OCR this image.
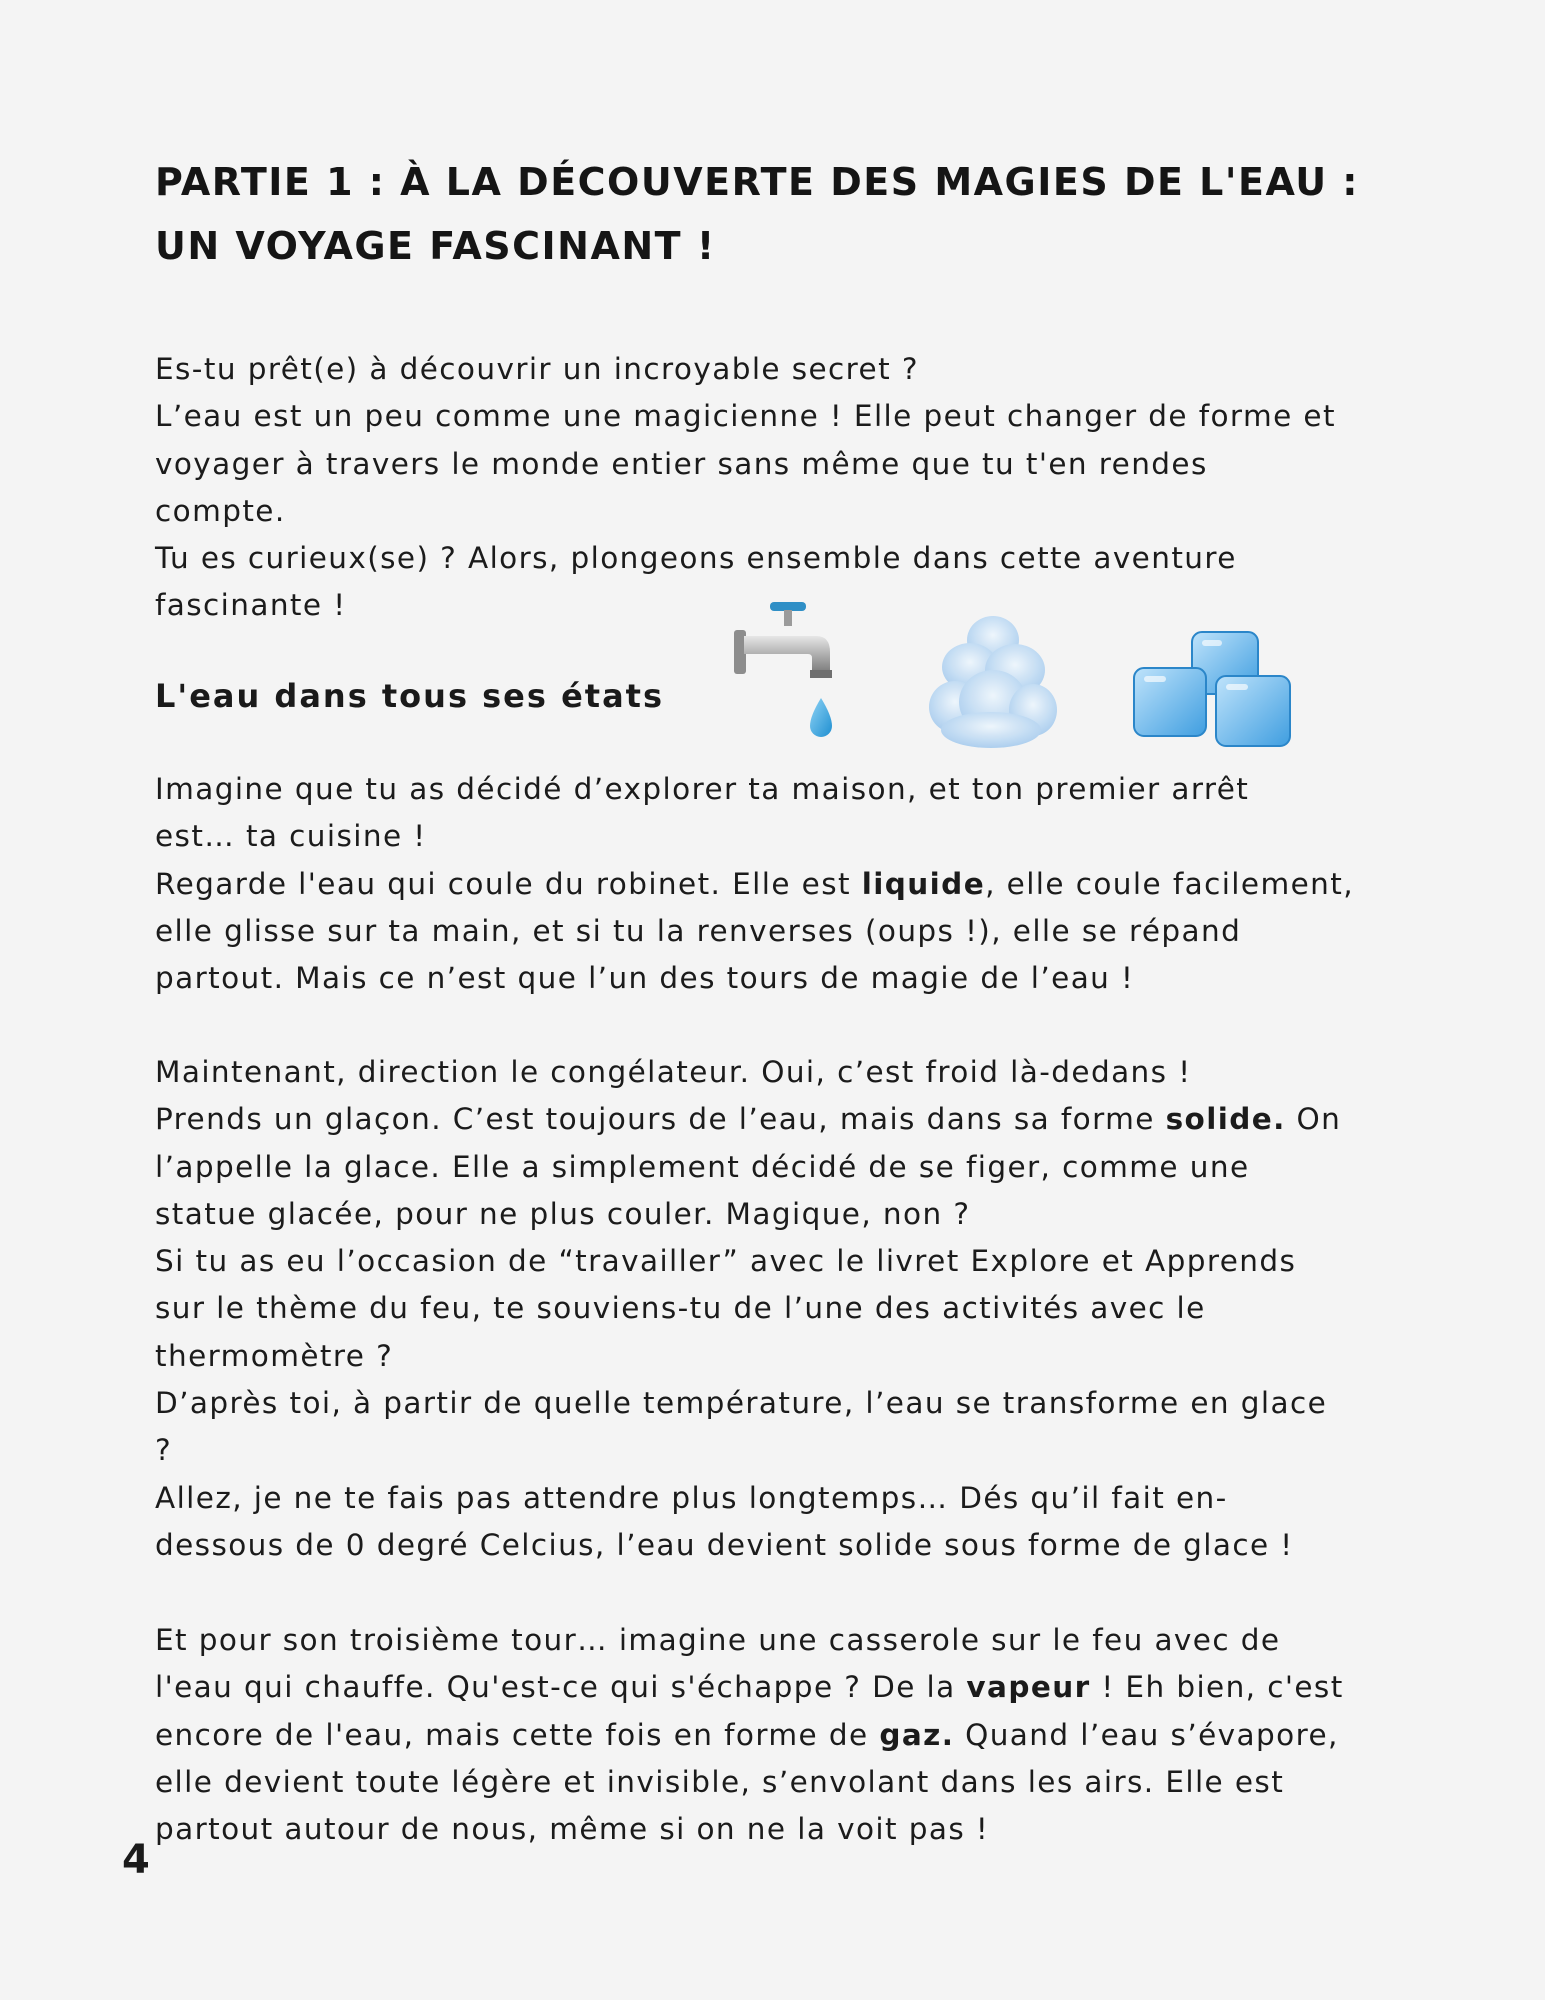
PARTIE 1 : À LA DÉCOUVERTE DES MAGIES DE L'EAU :
UN VOYAGE FASCINANT !
Es-tu prêt(e) à découvrir un incroyable secret ?
L’eau est un peu comme une magicienne ! Elle peut changer de forme et
voyager à travers le monde entier sans même que tu t'en rendes
compte.
Tu es curieux(se) ? Alors, plongeons ensemble dans cette aventure
fascinante !
L'eau dans tous ses états
Imagine que tu as décidé d’explorer ta maison, et ton premier arrêt
est… ta cuisine !
Regarde l'eau qui coule du robinet. Elle est liquide, elle coule facilement,
elle glisse sur ta main, et si tu la renverses (oups !), elle se répand
partout. Mais ce n’est que l’un des tours de magie de l’eau !
Maintenant, direction le congélateur. Oui, c’est froid là-dedans !
Prends un glaçon. C’est toujours de l’eau, mais dans sa forme solide. On
l’appelle la glace. Elle a simplement décidé de se figer, comme une
statue glacée, pour ne plus couler. Magique, non ?
Si tu as eu l’occasion de “travailler” avec le livret Explore et Apprends
sur le thème du feu, te souviens-tu de l’une des activités avec le
thermomètre ?
D’après toi, à partir de quelle température, l’eau se transforme en glace
?
Allez, je ne te fais pas attendre plus longtemps… Dés qu’il fait en-
dessous de 0 degré Celcius, l’eau devient solide sous forme de glace !
Et pour son troisième tour… imagine une casserole sur le feu avec de
l'eau qui chauffe. Qu'est-ce qui s'échappe ? De la vapeur ! Eh bien, c'est
encore de l'eau, mais cette fois en forme de gaz. Quand l’eau s’évapore,
elle devient toute légère et invisible, s’envolant dans les airs. Elle est
partout autour de nous, même si on ne la voit pas !
4
